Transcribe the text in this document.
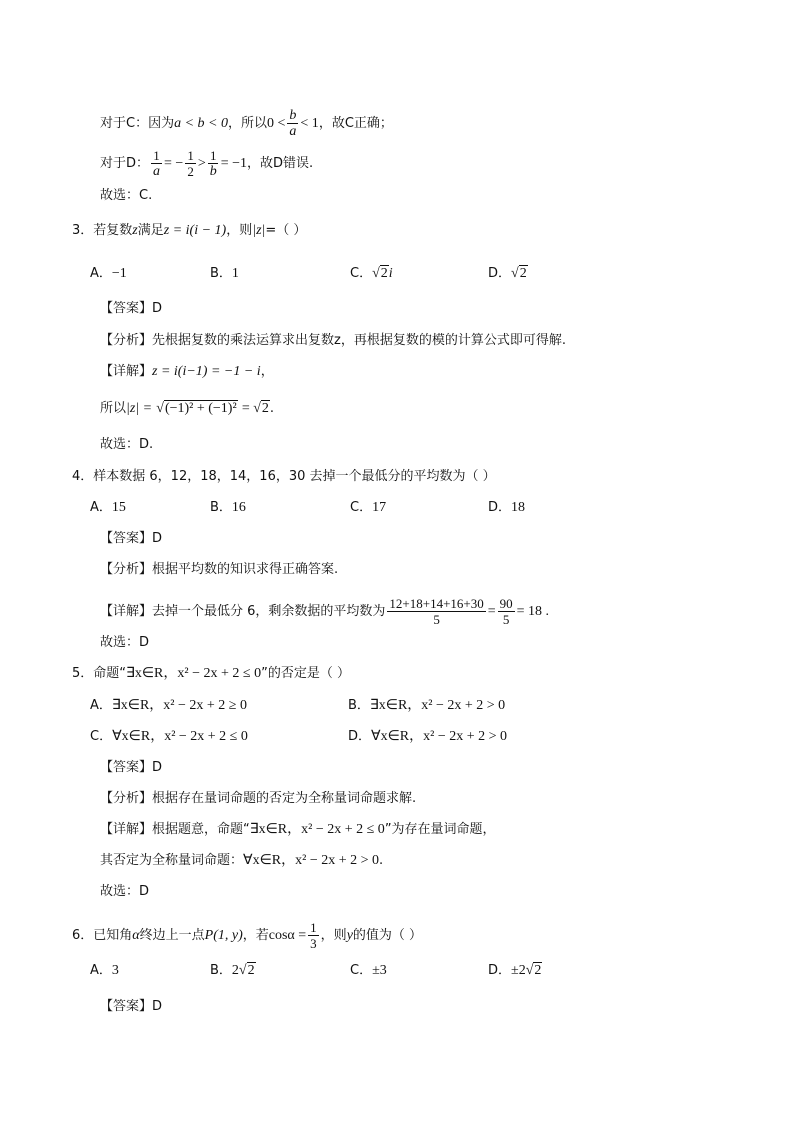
对于C：因为a < b < 0，所以$0 < \frac{b}{a} < 1$，故C正确；
对于D： $\frac{1}{a}$ = − $\frac{1}{2} > \frac{1}{b} = -1$，故D错误.
故选：C.
3．若复数z满足z = i(i − 1)，则|z|=（ ）
A．−1	B．1	C．√2i	D．√2
【答案】D
【分析】先根据复数的乘法运算求出复数z，再根据复数的模的计算公式即可得解.
【详解】z = i(i−1) = −1 − i，
所以|z| = √(−1)² + (−1)² = √2.
故选：D.
4．样本数据 6，12，18，14，16，30 去掉一个最低分的平均数为（ ）
A．15	B．16	C．17	D．18
【答案】D
【分析】根据平均数的知识求得正确答案.
【详解】去掉一个最低分 6，剩余数据的平均数为 $\frac{12+18+14+16+30}{5} = \frac{90}{5} = 18$ .
故选：D
5．命题“∃x∈R，x² − 2x + 2 ≤ 0”的否定是（ ）
A．∃x∈R，x² − 2x + 2 ≥ 0	B．∃x∈R，x² − 2x + 2 > 0
C．∀x∈R，x² − 2x + 2 ≤ 0	D．∀x∈R，x² − 2x + 2 > 0
【答案】D
【分析】根据存在量词命题的否定为全称量词命题求解.
【详解】根据题意，命题“∃x∈R，x² − 2x + 2 ≤ 0”为存在量词命题，
其否定为全称量词命题：∀x∈R，x² − 2x + 2 > 0.
故选：D
6．已知角α终边上一点P(1, y)，若$\cos\alpha = \frac{1}{3}$ ，则y的值为（ ）
A．3	B．2√2	C．±3	D．±2√2
【答案】D
